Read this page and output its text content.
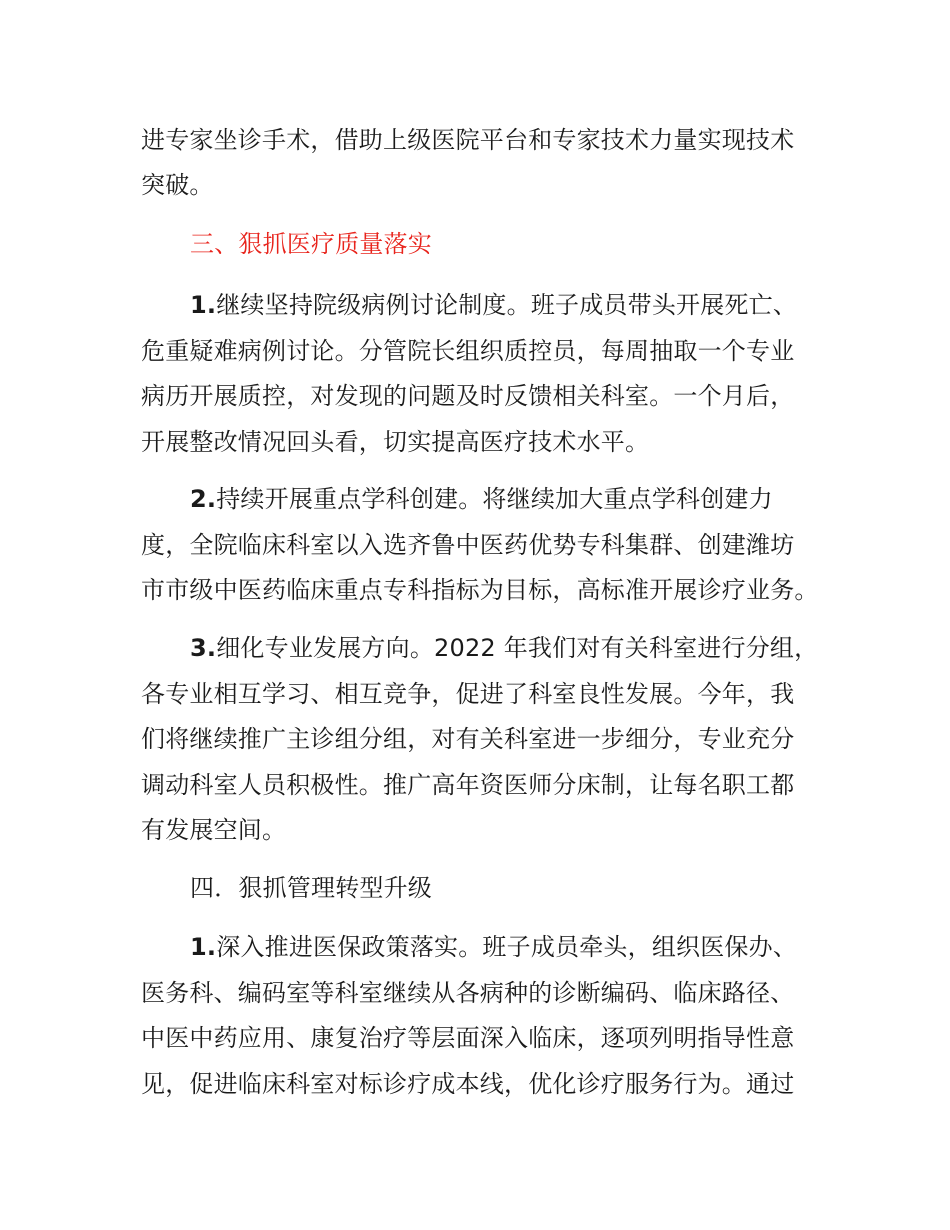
进专家坐诊手术，借助上级医院平台和专家技术力量实现技术
突破。
三、狠抓医疗质量落实
1.继续坚持院级病例讨论制度。班子成员带头开展死亡、
危重疑难病例讨论。分管院长组织质控员，每周抽取一个专业
病历开展质控，对发现的问题及时反馈相关科室。一个月后，
开展整改情况回头看，切实提高医疗技术水平。
2.持续开展重点学科创建。将继续加大重点学科创建力
度，全院临床科室以入选齐鲁中医药优势专科集群、创建潍坊
市市级中医药临床重点专科指标为目标，高标准开展诊疗业务。
3.细化专业发展方向。2022 年我们对有关科室进行分组，
各专业相互学习、相互竞争，促进了科室良性发展。今年，我
们将继续推广主诊组分组，对有关科室进一步细分，专业充分
调动科室人员积极性。推广高年资医师分床制，让每名职工都
有发展空间。
四．狠抓管理转型升级
1.深入推进医保政策落实。班子成员牵头，组织医保办、
医务科、编码室等科室继续从各病种的诊断编码、临床路径、
中医中药应用、康复治疗等层面深入临床，逐项列明指导性意
见，促进临床科室对标诊疗成本线，优化诊疗服务行为。通过
